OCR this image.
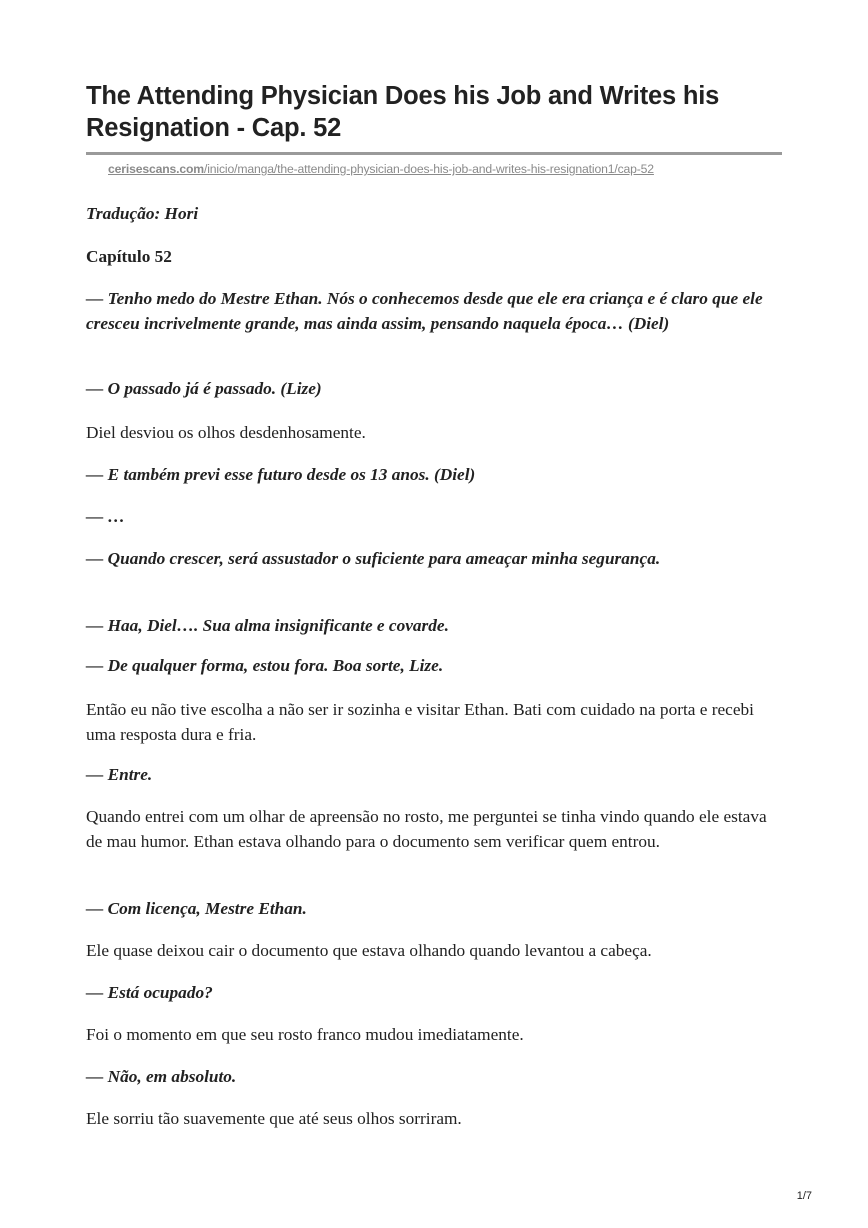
The Attending Physician Does his Job and Writes his Resignation - Cap. 52
cerisescans.com/inicio/manga/the-attending-physician-does-his-job-and-writes-his-resignation1/cap-52

Tradução: Hori

Capítulo 52

— Tenho medo do Mestre Ethan. Nós o conhecemos desde que ele era criança e é claro que ele cresceu incrivelmente grande, mas ainda assim, pensando naquela época… (Diel)

— O passado já é passado. (Lize)

Diel desviou os olhos desdenhosamente.

— E também previ esse futuro desde os 13 anos. (Diel)

— …

— Quando crescer, será assustador o suficiente para ameaçar minha segurança.

— Haa, Diel…. Sua alma insignificante e covarde.

— De qualquer forma, estou fora. Boa sorte, Lize.

Então eu não tive escolha a não ser ir sozinha e visitar Ethan. Bati com cuidado na porta e recebi uma resposta dura e fria.

— Entre.

Quando entrei com um olhar de apreensão no rosto, me perguntei se tinha vindo quando ele estava de mau humor. Ethan estava olhando para o documento sem verificar quem entrou.

— Com licença, Mestre Ethan.

Ele quase deixou cair o documento que estava olhando quando levantou a cabeça.

— Está ocupado?

Foi o momento em que seu rosto franco mudou imediatamente.

— Não, em absoluto.

Ele sorriu tão suavemente que até seus olhos sorriram.

1/7
